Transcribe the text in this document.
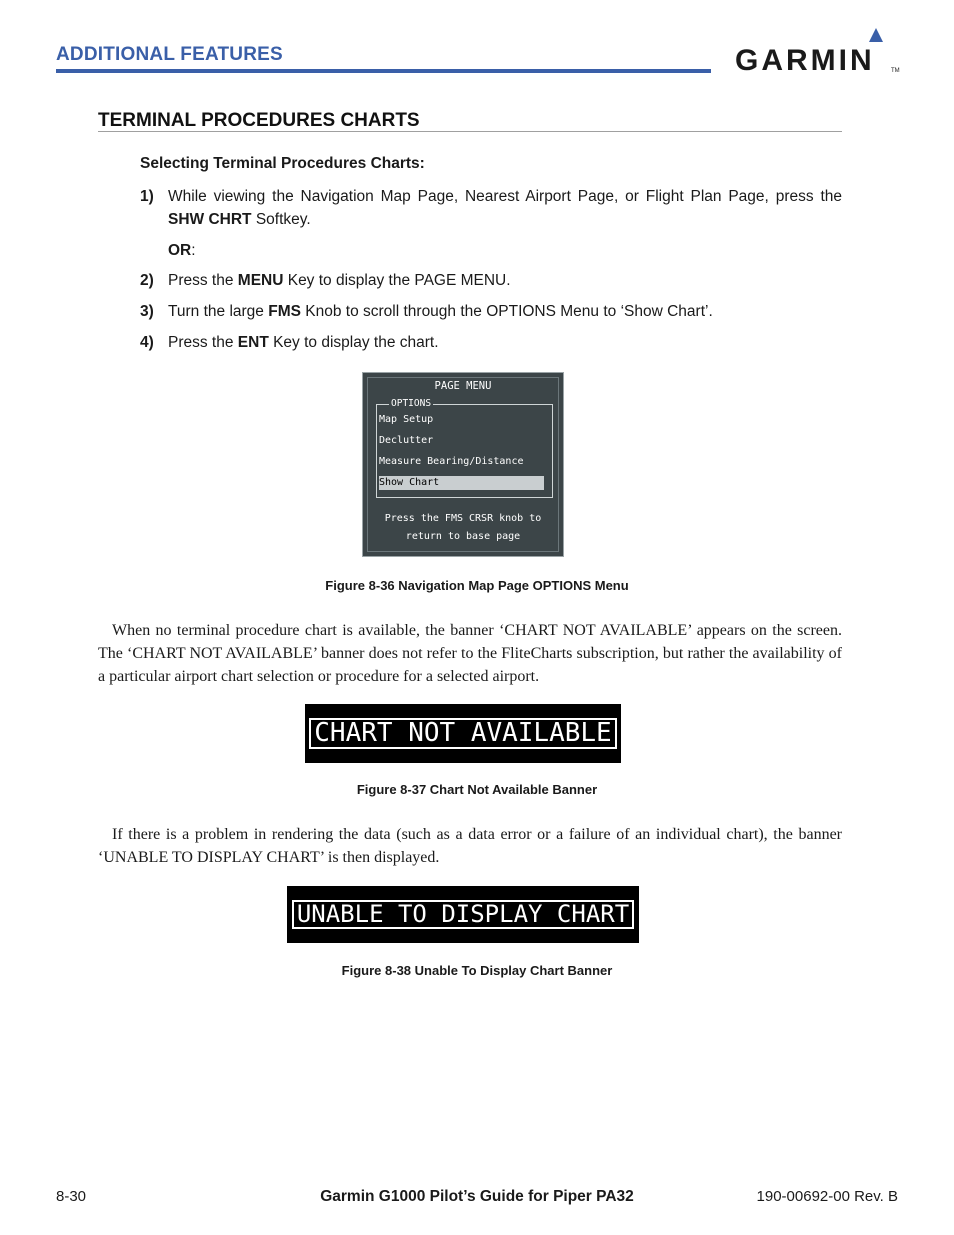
ADDITIONAL FEATURES	GARMIN	TM
TERMINAL PROCEDURES CHARTS
Selecting Terminal Procedures Charts:
1) While viewing the Navigation Map Page, Nearest Airport Page, or Flight Plan Page, press the SHW CHRT Softkey.
OR:
2) Press the MENU Key to display the PAGE MENU.
3) Turn the large FMS Knob to scroll through the OPTIONS Menu to ‘Show Chart’.
4) Press the ENT Key to display the chart.
PAGE MENU
OPTIONS
Map Setup
Declutter
Measure Bearing/Distance
Show Chart
Press the FMS CRSR knob to
return to base page
Figure 8-36 Navigation Map Page OPTIONS Menu
When no terminal procedure chart is available, the banner ‘CHART NOT AVAILABLE’ appears on the screen. The ‘CHART NOT AVAILABLE’ banner does not refer to the FliteCharts subscription, but rather the availability of a particular airport chart selection or procedure for a selected airport.
CHART NOT AVAILABLE
Figure 8-37 Chart Not Available Banner
If there is a problem in rendering the data (such as a data error or a failure of an individual chart), the banner ‘UNABLE TO DISPLAY CHART’ is then displayed.
UNABLE TO DISPLAY CHART
Figure 8-38 Unable To Display Chart Banner
8-30	Garmin G1000 Pilot’s Guide for Piper PA32	190-00692-00 Rev. B
